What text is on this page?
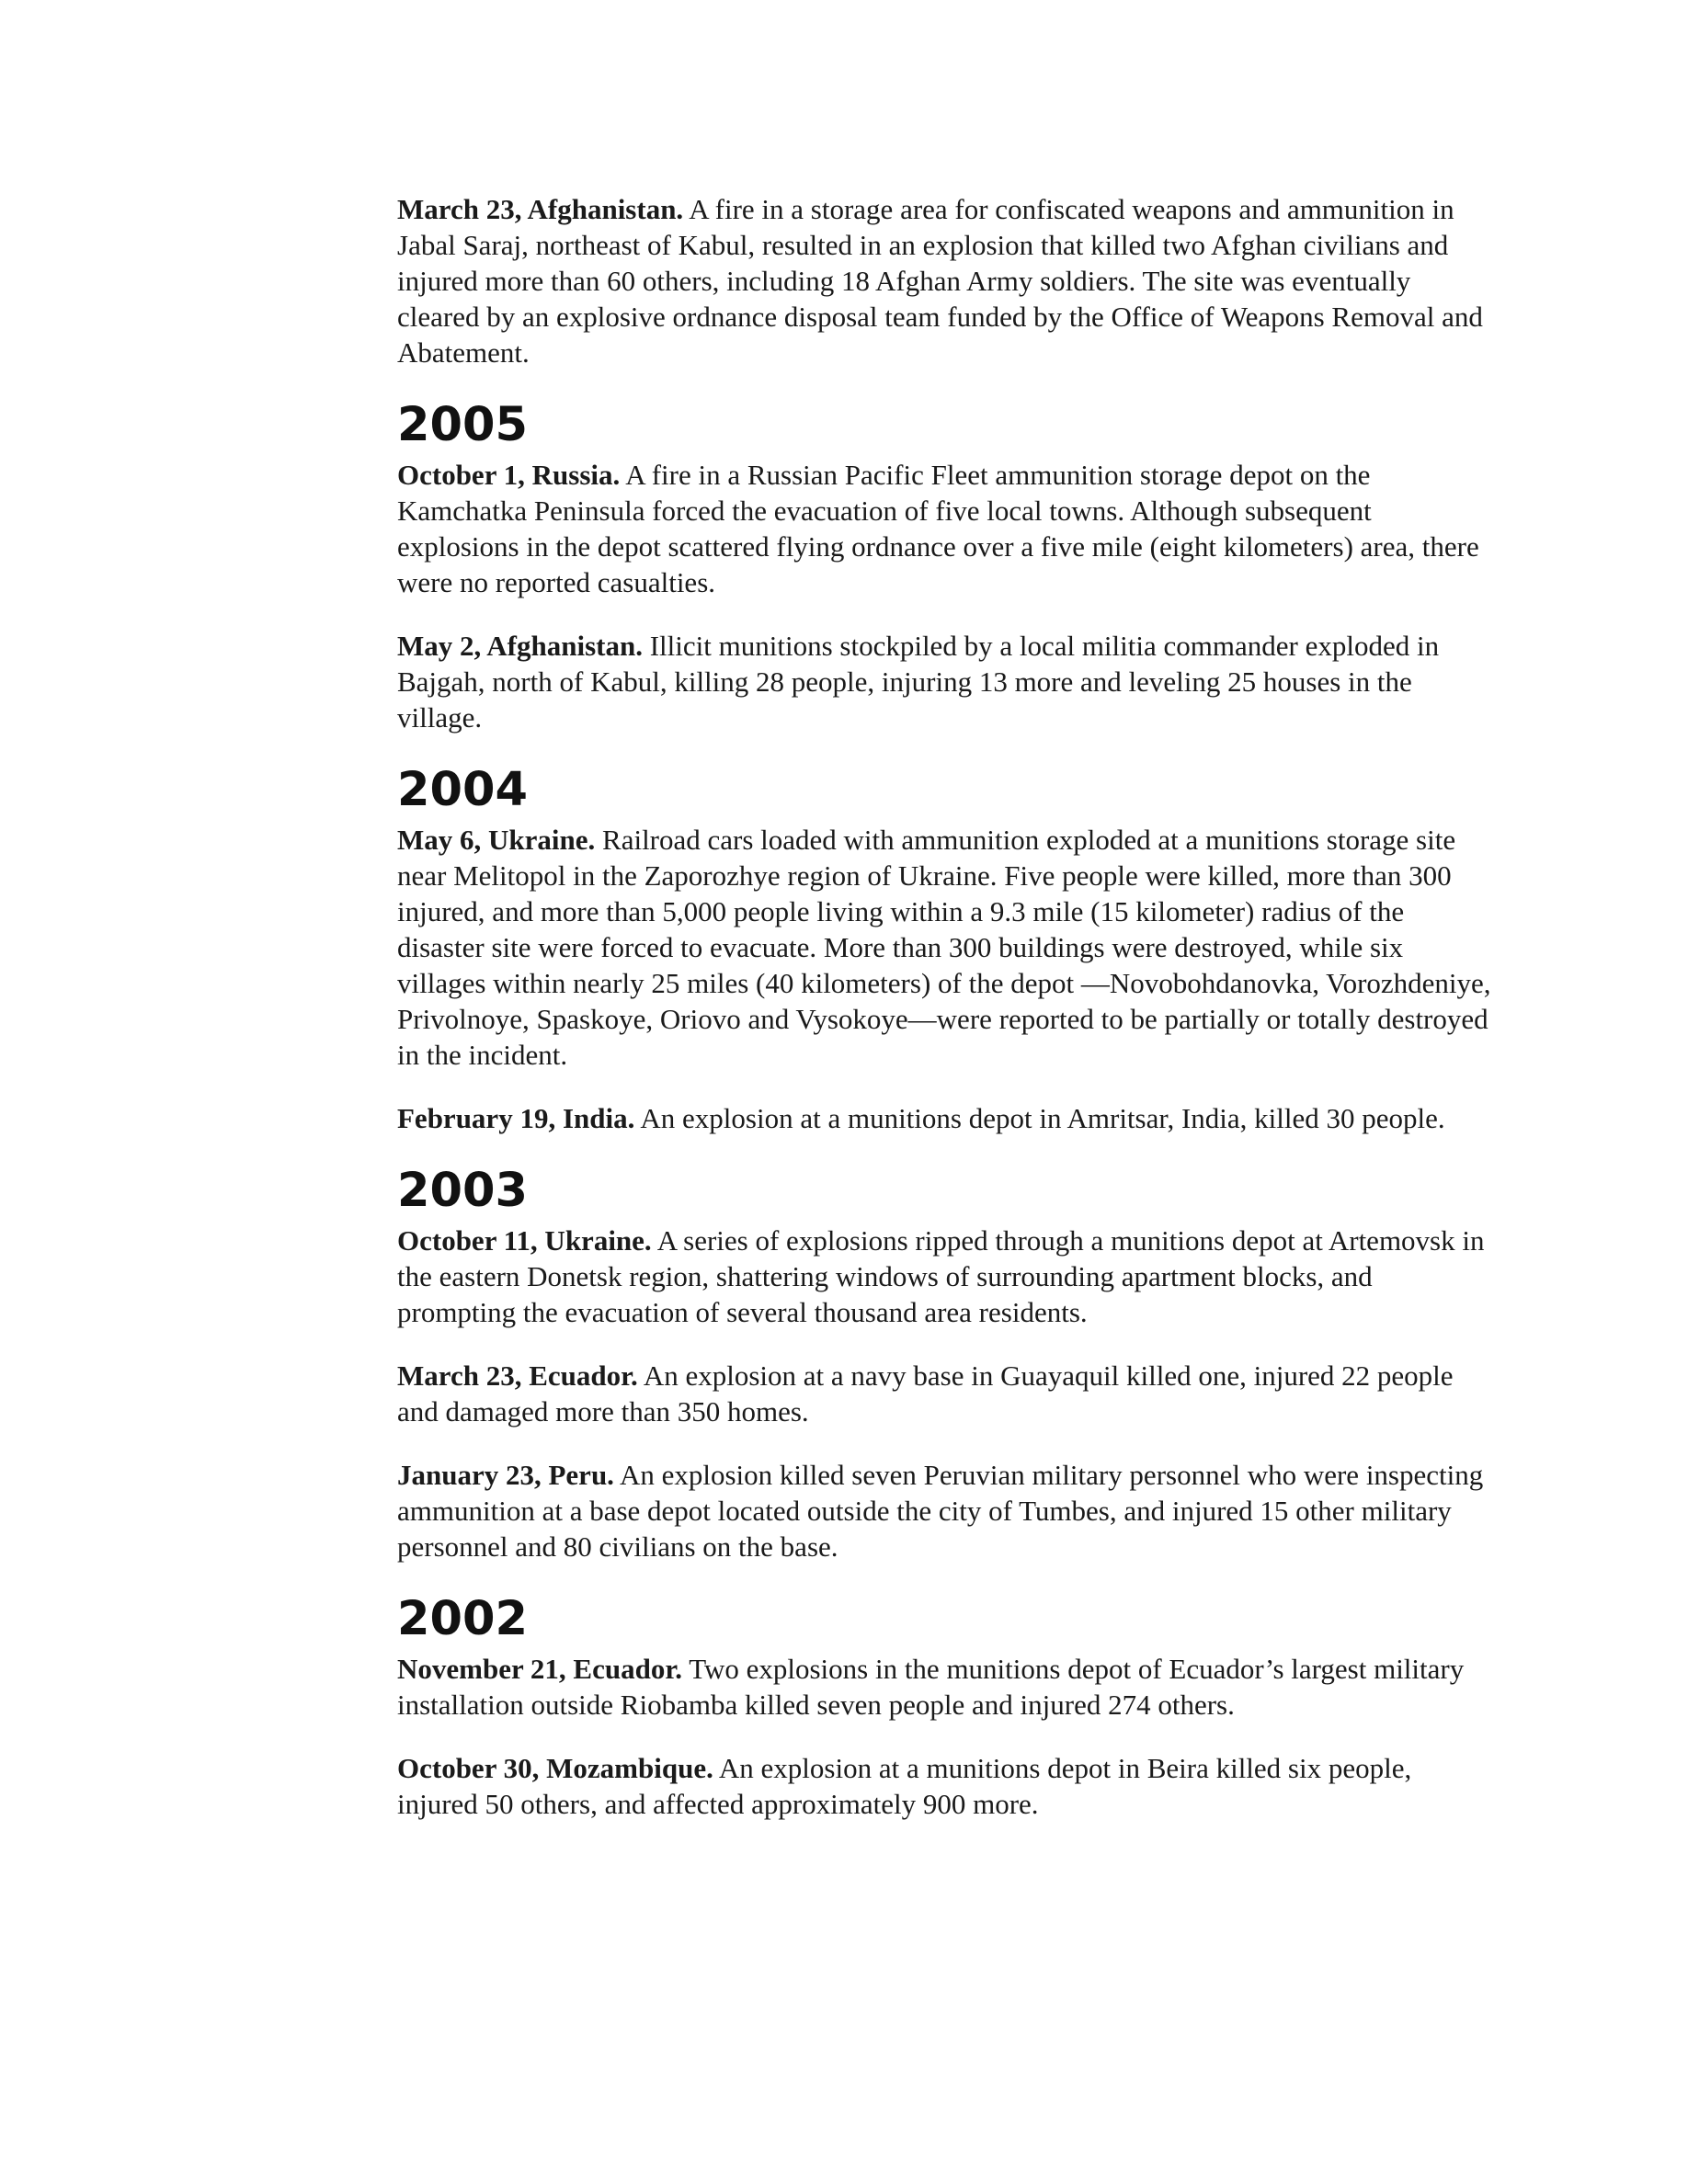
March 23, Afghanistan. A fire in a storage area for confiscated weapons and ammunition in Jabal Saraj, northeast of Kabul, resulted in an explosion that killed two Afghan civilians and injured more than 60 others, including 18 Afghan Army soldiers. The site was eventually cleared by an explosive ordnance disposal team funded by the Office of Weapons Removal and Abatement.

2005

October 1, Russia. A fire in a Russian Pacific Fleet ammunition storage depot on the Kamchatka Peninsula forced the evacuation of five local towns. Although subsequent explosions in the depot scattered flying ordnance over a five mile (eight kilometers) area, there were no reported casualties.

May 2, Afghanistan. Illicit munitions stockpiled by a local militia commander exploded in Bajgah, north of Kabul, killing 28 people, injuring 13 more and leveling 25 houses in the village.

2004

May 6, Ukraine. Railroad cars loaded with ammunition exploded at a munitions storage site near Melitopol in the Zaporozhye region of Ukraine. Five people were killed, more than 300 injured, and more than 5,000 people living within a 9.3 mile (15 kilometer) radius of the disaster site were forced to evacuate. More than 300 buildings were destroyed, while six villages within nearly 25 miles (40 kilometers) of the depot —Novobohdanovka, Vorozhdeniye, Privolnoye, Spaskoye, Oriovo and Vysokoye—were reported to be partially or totally destroyed in the incident.

February 19, India. An explosion at a munitions depot in Amritsar, India, killed 30 people.

2003

October 11, Ukraine. A series of explosions ripped through a munitions depot at Artemovsk in the eastern Donetsk region, shattering windows of surrounding apartment blocks, and prompting the evacuation of several thousand area residents.

March 23, Ecuador. An explosion at a navy base in Guayaquil killed one, injured 22 people and damaged more than 350 homes.

January 23, Peru. An explosion killed seven Peruvian military personnel who were inspecting ammunition at a base depot located outside the city of Tumbes, and injured 15 other military personnel and 80 civilians on the base.

2002

November 21, Ecuador. Two explosions in the munitions depot of Ecuador’s largest military installation outside Riobamba killed seven people and injured 274 others.

October 30, Mozambique. An explosion at a munitions depot in Beira killed six people, injured 50 others, and affected approximately 900 more.
